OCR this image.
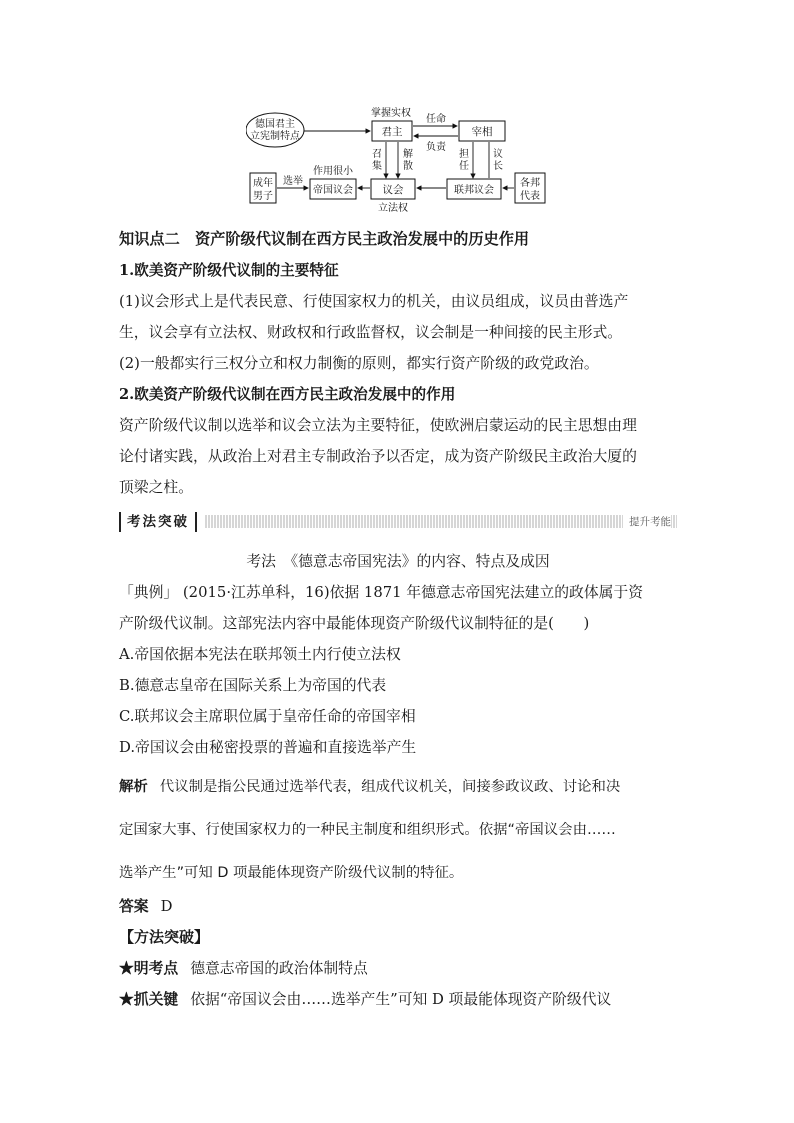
德国君主
立宪制特点
掌握实权
君主	宰相
任命
负责
召
集
解
散
担
任
议
长
成年
男子
选举
作用很小
帝国议会	议会
立法权
联邦议会
各邦
代表
知识点二　资产阶级代议制在西方民主政治发展中的历史作用
1.欧美资产阶级代议制的主要特征
(1)议会形式上是代表民意、行使国家权力的机关，由议员组成，议员由普选产
生，议会享有立法权、财政权和行政监督权，议会制是一种间接的民主形式。
(2)一般都实行三权分立和权力制衡的原则，都实行资产阶级的政党政治。
2.欧美资产阶级代议制在西方民主政治发展中的作用
资产阶级代议制以选举和议会立法为主要特征，使欧洲启蒙运动的民主思想由理
论付诸实践，从政治上对君主专制政治予以否定，成为资产阶级民主政治大厦的
顶梁之柱。
考法突破	提升考能
考法　《德意志帝国宪法》的内容、特点及成因
「典例」 (2015·江苏单科，16)依据 1871 年德意志帝国宪法建立的政体属于资
产阶级代议制。这部宪法内容中最能体现资产阶级代议制特征的是(　　)
A.帝国依据本宪法在联邦领土内行使立法权
B.德意志皇帝在国际关系上为帝国的代表
C.联邦议会主席职位属于皇帝任命的帝国宰相
D.帝国议会由秘密投票的普遍和直接选举产生
解析 代议制是指公民通过选举代表，组成代议机关，间接参政议政、讨论和决
定国家大事、行使国家权力的一种民主制度和组织形式。依据“帝国议会由……
选举产生”可知 D 项最能体现资产阶级代议制的特征。
答案 D
【方法突破】
★明考点 德意志帝国的政治体制特点
★抓关键 依据“帝国议会由……选举产生”可知 D 项最能体现资产阶级代议
